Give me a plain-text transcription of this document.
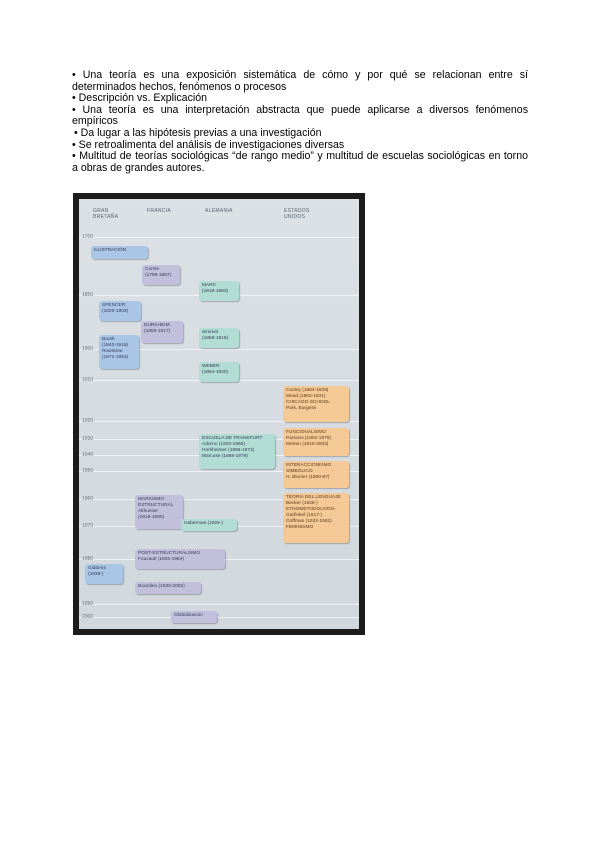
• Una teoría es una exposición sistemática de cómo y por qué se relacionan entre sí determinados hechos, fenómenos o procesos

• Descripción vs. Explicación

• Una teoría es una interpretación abstracta que puede aplicarse a diversos fenómenos empíricos

• Da lugar a las hipótesis previas a una investigación

• Se retroalimenta del análisis de investigaciones diversas

• Multitud de teorías sociológicas “de rango medio” y multitud de escuelas sociológicas en torno a obras de grandes autores.

GRAN BRETAÑA
FRANCIA	ALEMANIA	ESTADOS UNIDOS
1700
1850
1900
1910
1920
1930
1940
1950
1960
1970
1980
1990
2000
ILUSTRACIÓN
Comte
(1798-1857)
MARX
(1818-1883)
SPENCER
(1820-1903)
DURKHEIM
(1858-1917)
Booth
(1840-1916)
Rowntree
(1871-1954)
Simmel
(1858-1918)
WEBER
(1864-1920)
Cooley (1864-1929)
Mead (1863-1931)
CHICAGO SCHOOL
Park, Burgess
ESCUELA DE FRANKFURT
Adorno (1903-1969)
Horkheimer (1895-1973)
Marcuse (1898-1979)
FUNCIONALISMO
Parsons (1902-1979)
Merton (1910-2003)
INTERACCIONISMO
SIMBÓLICO
H. Blumer (1900-87)
MARXISMO
ESTRUCTURAL
Althusser
(1918-1990)
Habermas (1929-)
TEORÍA DEL LENGUAJE
Becker (1928-)
ETNOMETODOLOGÍA
Garfinkel (1917-)
Goffman (1922-1982)
FEMINISMO
POST-ESTRUCTURALISMO
Foucault (1926-1984)
Giddens
(1938-)
Bourdieu (1930-2002)
Globalización
